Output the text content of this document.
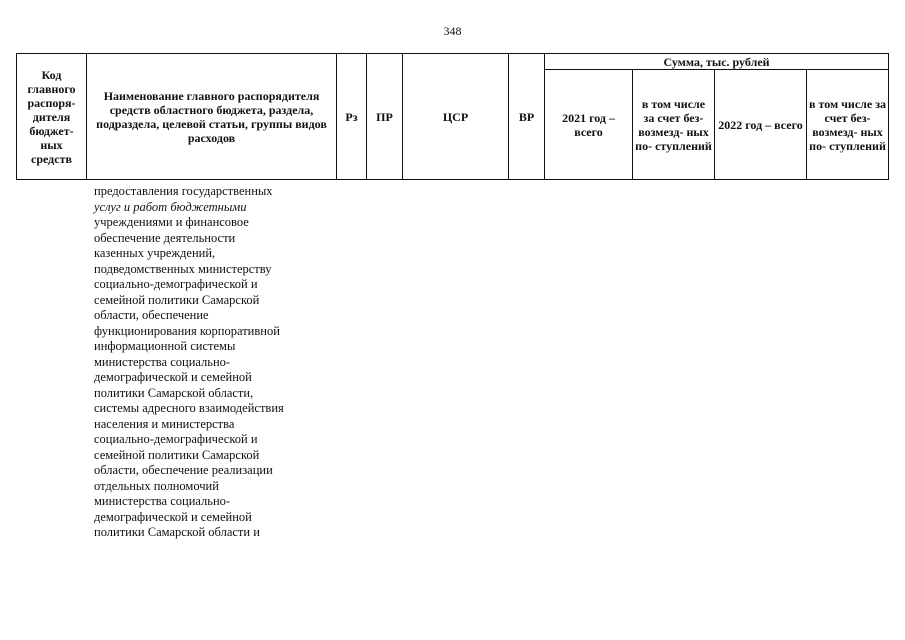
348
Код главного распоря- дителя бюджет- ных средств	Наименование главного распорядителя средств областного бюджета, раздела, подраздела, целевой статьи, группы видов расходов	Рз	ПР	ЦСР	ВР	Сумма, тыс. рублей			
						2021 год – всего	в том числе за счет без- возмезд- ных по- ступлений	2022 год – всего	в том числе за счет без- возмезд- ных по- ступлений
предоставления государственных
услуг и работ бюджетными
учреждениями и финансовое
обеспечение деятельности
казенных учреждений,
подведомственных министерству
социально-демографической и
семейной политики Самарской
области, обеспечение
функционирования корпоративной
информационной системы
министерства социально-
демографической и семейной
политики Самарской области,
системы адресного взаимодействия
населения и министерства
социально-демографической и
семейной политики Самарской
области, обеспечение реализации
отдельных полномочий
министерства социально-
демографической и семейной
политики Самарской области и
